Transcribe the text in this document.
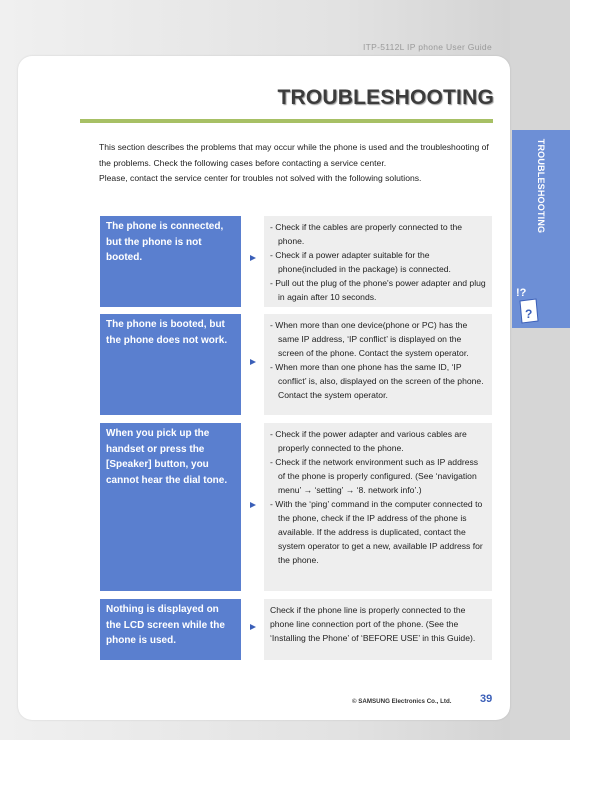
ITP-5112L IP phone User Guide
TROUBLESHOOTING

This section describes the problems that may occur while the phone is used and the troubleshooting of the problems. Check the following cases before contacting a service center.

Please, contact the service center for troubles not solved with the following solutions.	TROUBLESHOOTING
!?
?
The phone is connected, but the phone is not booted.
- Check if the cables are properly connected to the phone.
- Check if a power adapter suitable for the phone(included in the package) is connected.
- Pull out the plug of the phone's power adapter and plug in again after 10 seconds.
The phone is booted, but the phone does not work.
- When more than one device(phone or PC) has the same IP address, ‘IP conflict’ is displayed on the screen of the phone. Contact the system operator.
- When more than one phone has the same ID, ‘IP conflict’ is, also, displayed on the screen of the phone. Contact the system operator.
When you pick up the handset or press the [Speaker] button, you cannot hear the dial tone.
- Check if the power adapter and various cables are properly connected to the phone.
- Check if the network environment such as IP address of the phone is properly configured. (See ‘navigation menu’ → ‘setting’ → ‘8. network info’.)
- With the ‘ping’ command in the computer connected to the phone, check if the IP address of the phone is available. If the address is duplicated, contact the system operator to get a new, available IP address for the phone.
Nothing is displayed on the LCD screen while the phone is used.
Check if the phone line is properly connected to the phone line connection port of the phone. (See the ‘Installing the Phone’ of ‘BEFORE USE’ in this Guide).
© SAMSUNG Electronics Co., Ltd.	39
